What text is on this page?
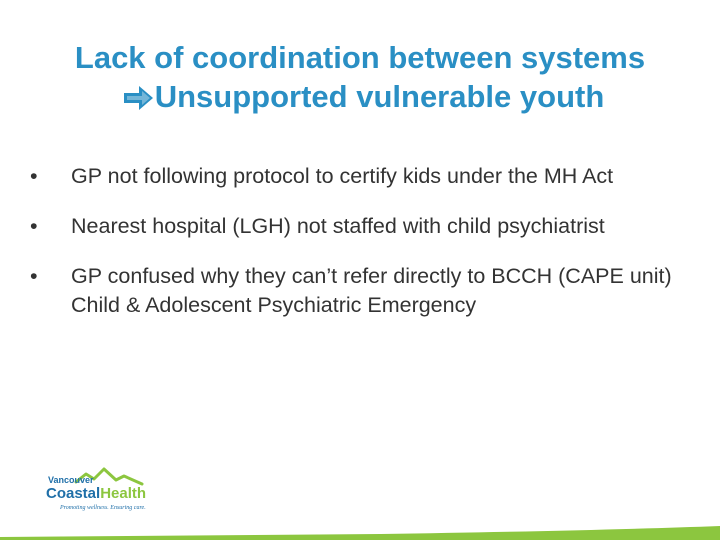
Lack of coordination between systems
Unsupported vulnerable youth
• GP not following protocol to certify kids under the MH Act
• Nearest hospital (LGH) not staffed with child psychiatrist
• GP confused why they can’t refer directly to BCCH (CAPE unit) Child & Adolescent Psychiatric Emergency
Vancouver
CoastalHealth
Promoting wellness. Ensuring care.
